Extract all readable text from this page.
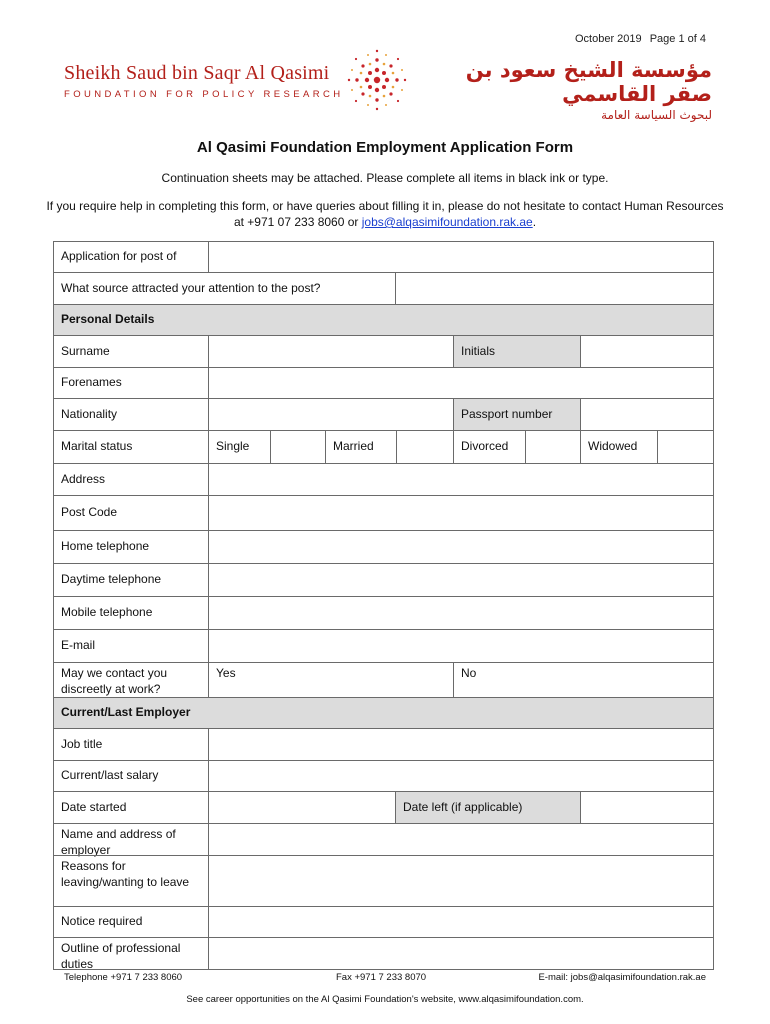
October 2019 Page 1 of 4
Sheikh Saud bin Saqr Al Qasimi
FOUNDATION FOR POLICY RESEARCH
مؤسسة الشيخ سعود بن صقر القاسمي
لبحوث السياسة العامة
Al Qasimi Foundation Employment Application Form
Continuation sheets may be attached. Please complete all items in black ink or type.
If you require help in completing this form, or have queries about filling it in, please do not hesitate to contact Human Resources at +971 07 233 8060 or jobs@alqasimifoundation.rak.ae.
Application for post of
What source attracted your attention to the post?
Personal Details
Surname	Initials
Forenames
Nationality	Passport number
Marital status	Single	Married	Divorced	Widowed
Address
Post Code
Home telephone
Daytime telephone
Mobile telephone
E-mail
May we contact you discreetly at work?
Yes	No
Current/Last Employer
Job title
Current/last salary
Date started	Date left (if applicable)
Name and address of employer
Reasons for leaving/wanting to leave
Notice required
Outline of professional duties
Telephone +971 7 233 8060	Fax +971 7 233 8070	E-mail: jobs@alqasimifoundation.rak.ae
See career opportunities on the Al Qasimi Foundation's website, www.alqasimifoundation.com.
